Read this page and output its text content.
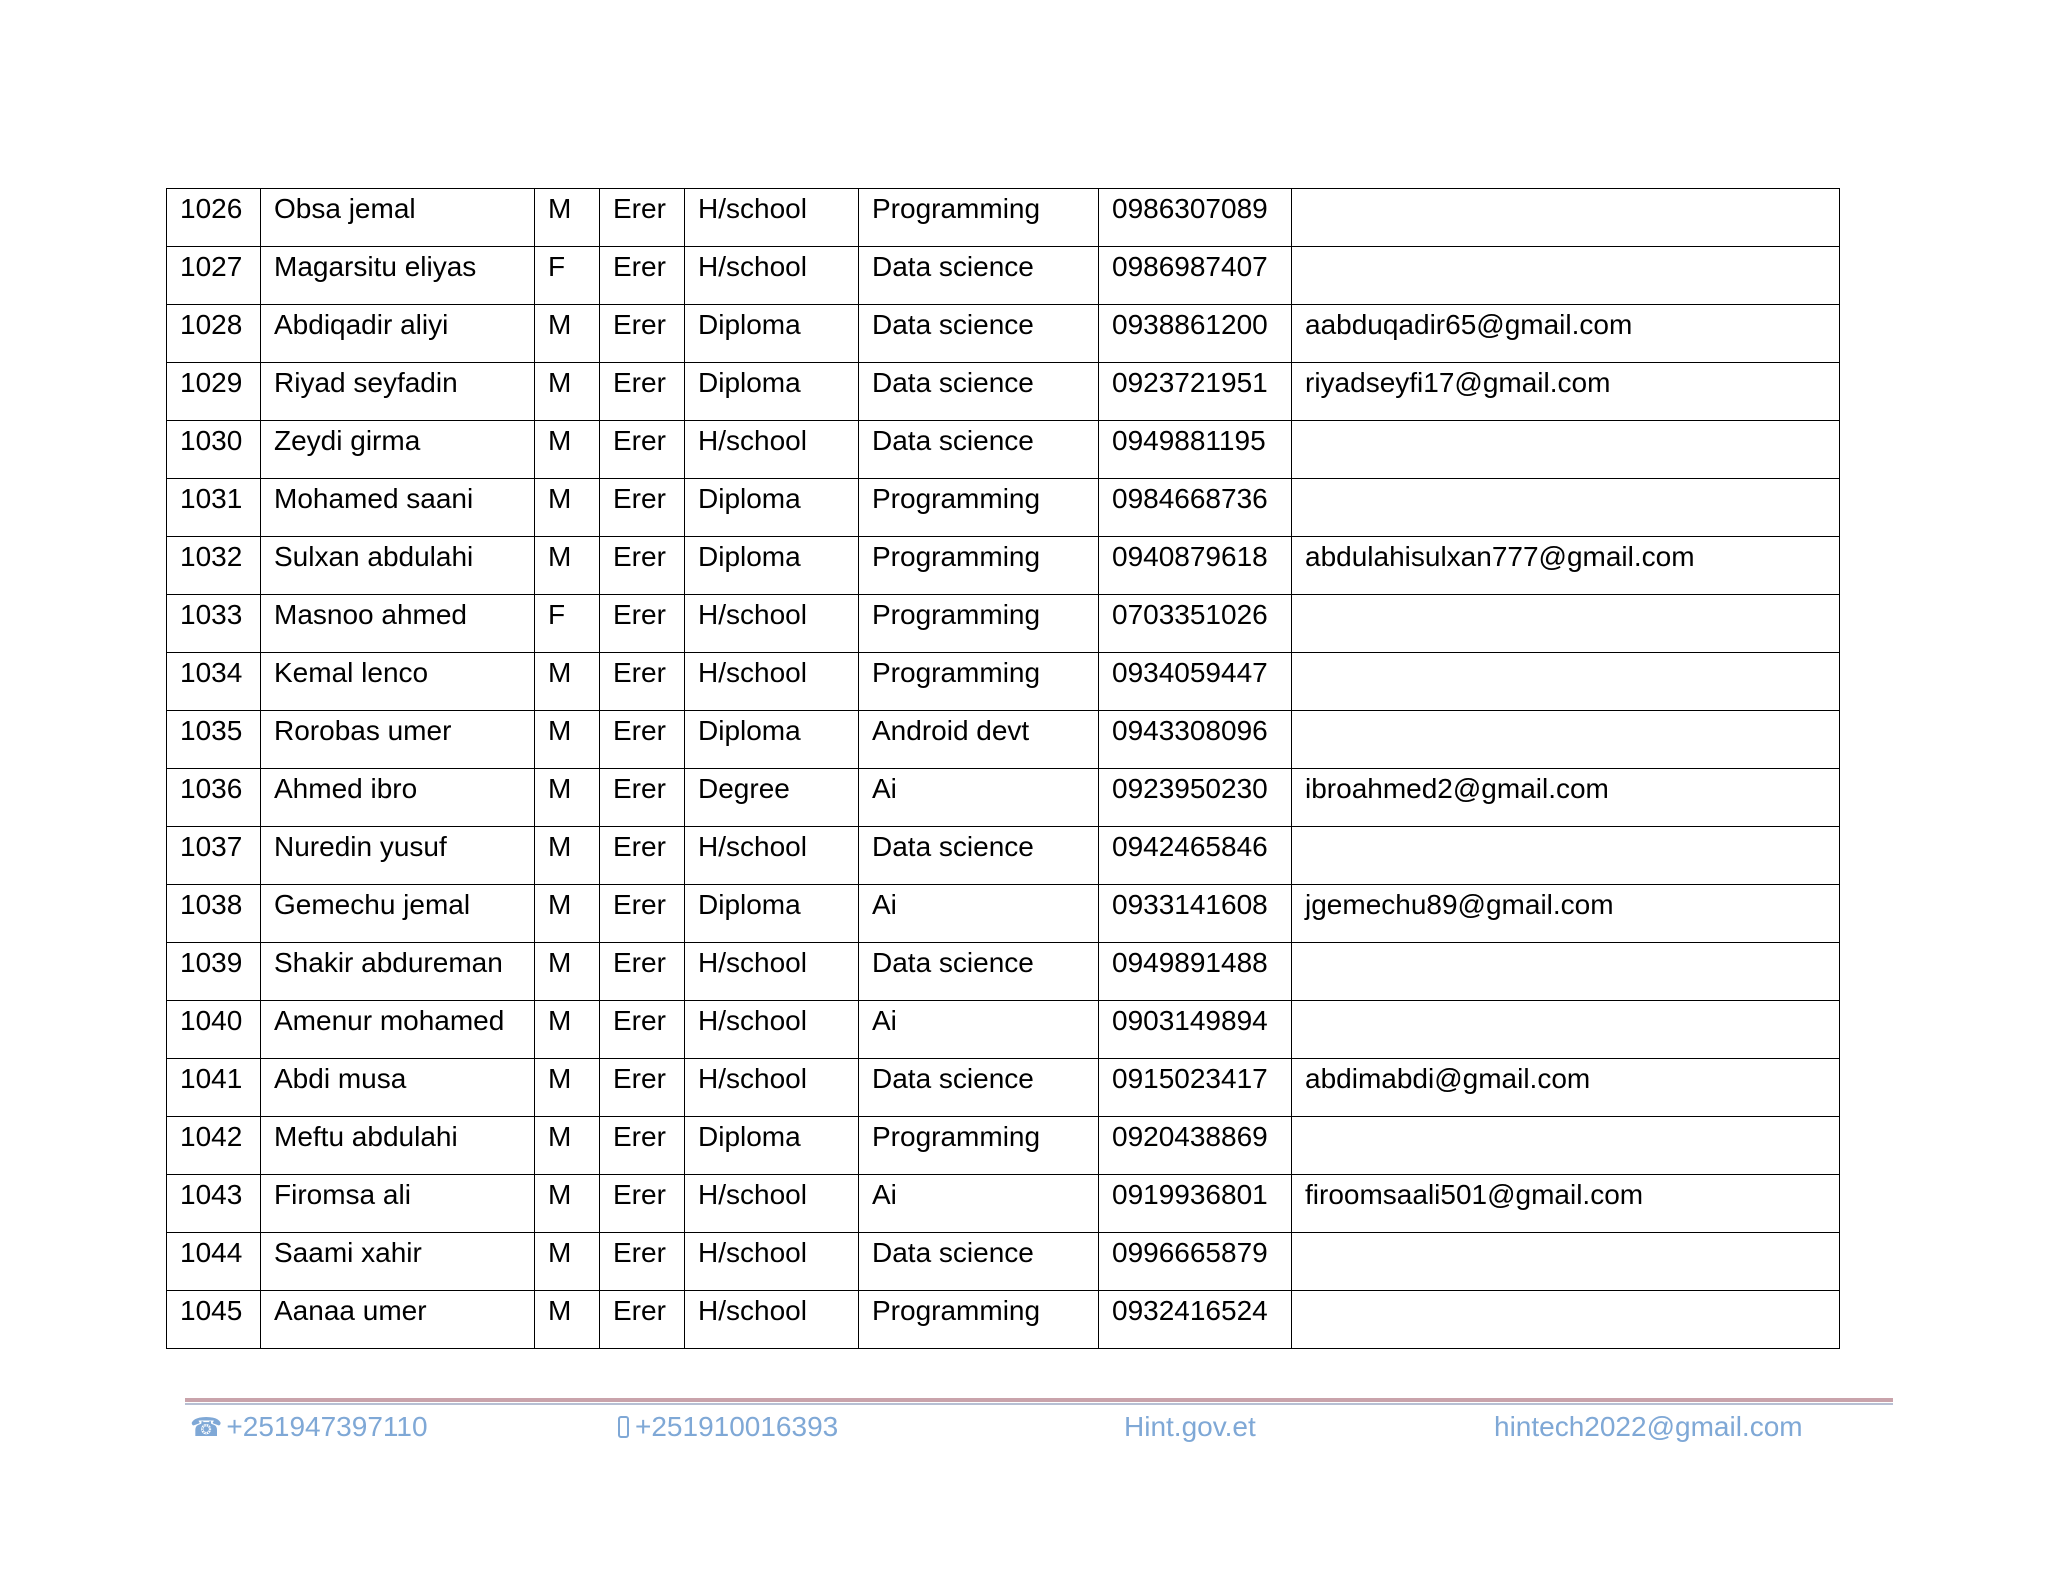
1026	Obsa jemal	M	Erer	H/school	Programming	0986307089	
1027	Magarsitu eliyas	F	Erer	H/school	Data science	0986987407	
1028	Abdiqadir aliyi	M	Erer	Diploma	Data science	0938861200	aabduqadir65@gmail.com
1029	Riyad seyfadin	M	Erer	Diploma	Data science	0923721951	riyadseyfi17@gmail.com
1030	Zeydi girma	M	Erer	H/school	Data science	0949881195	
1031	Mohamed saani	M	Erer	Diploma	Programming	0984668736	
1032	Sulxan abdulahi	M	Erer	Diploma	Programming	0940879618	abdulahisulxan777@gmail.com
1033	Masnoo ahmed	F	Erer	H/school	Programming	0703351026	
1034	Kemal lenco	M	Erer	H/school	Programming	0934059447	
1035	Rorobas umer	M	Erer	Diploma	Android devt	0943308096	
1036	Ahmed ibro	M	Erer	Degree	Ai	0923950230	ibroahmed2@gmail.com
1037	Nuredin yusuf	M	Erer	H/school	Data science	0942465846	
1038	Gemechu jemal	M	Erer	Diploma	Ai	0933141608	jgemechu89@gmail.com
1039	Shakir abdureman	M	Erer	H/school	Data science	0949891488	
1040	Amenur mohamed	M	Erer	H/school	Ai	0903149894	
1041	Abdi musa	M	Erer	H/school	Data science	0915023417	abdimabdi@gmail.com
1042	Meftu abdulahi	M	Erer	Diploma	Programming	0920438869	
1043	Firomsa ali	M	Erer	H/school	Ai	0919936801	firoomsaali501@gmail.com
1044	Saami xahir	M	Erer	H/school	Data science	0996665879	
1045	Aanaa umer	M	Erer	H/school	Programming	0932416524	
☎ +251947397110	+251910016393	Hint.gov.et	hintech2022@gmail.com
